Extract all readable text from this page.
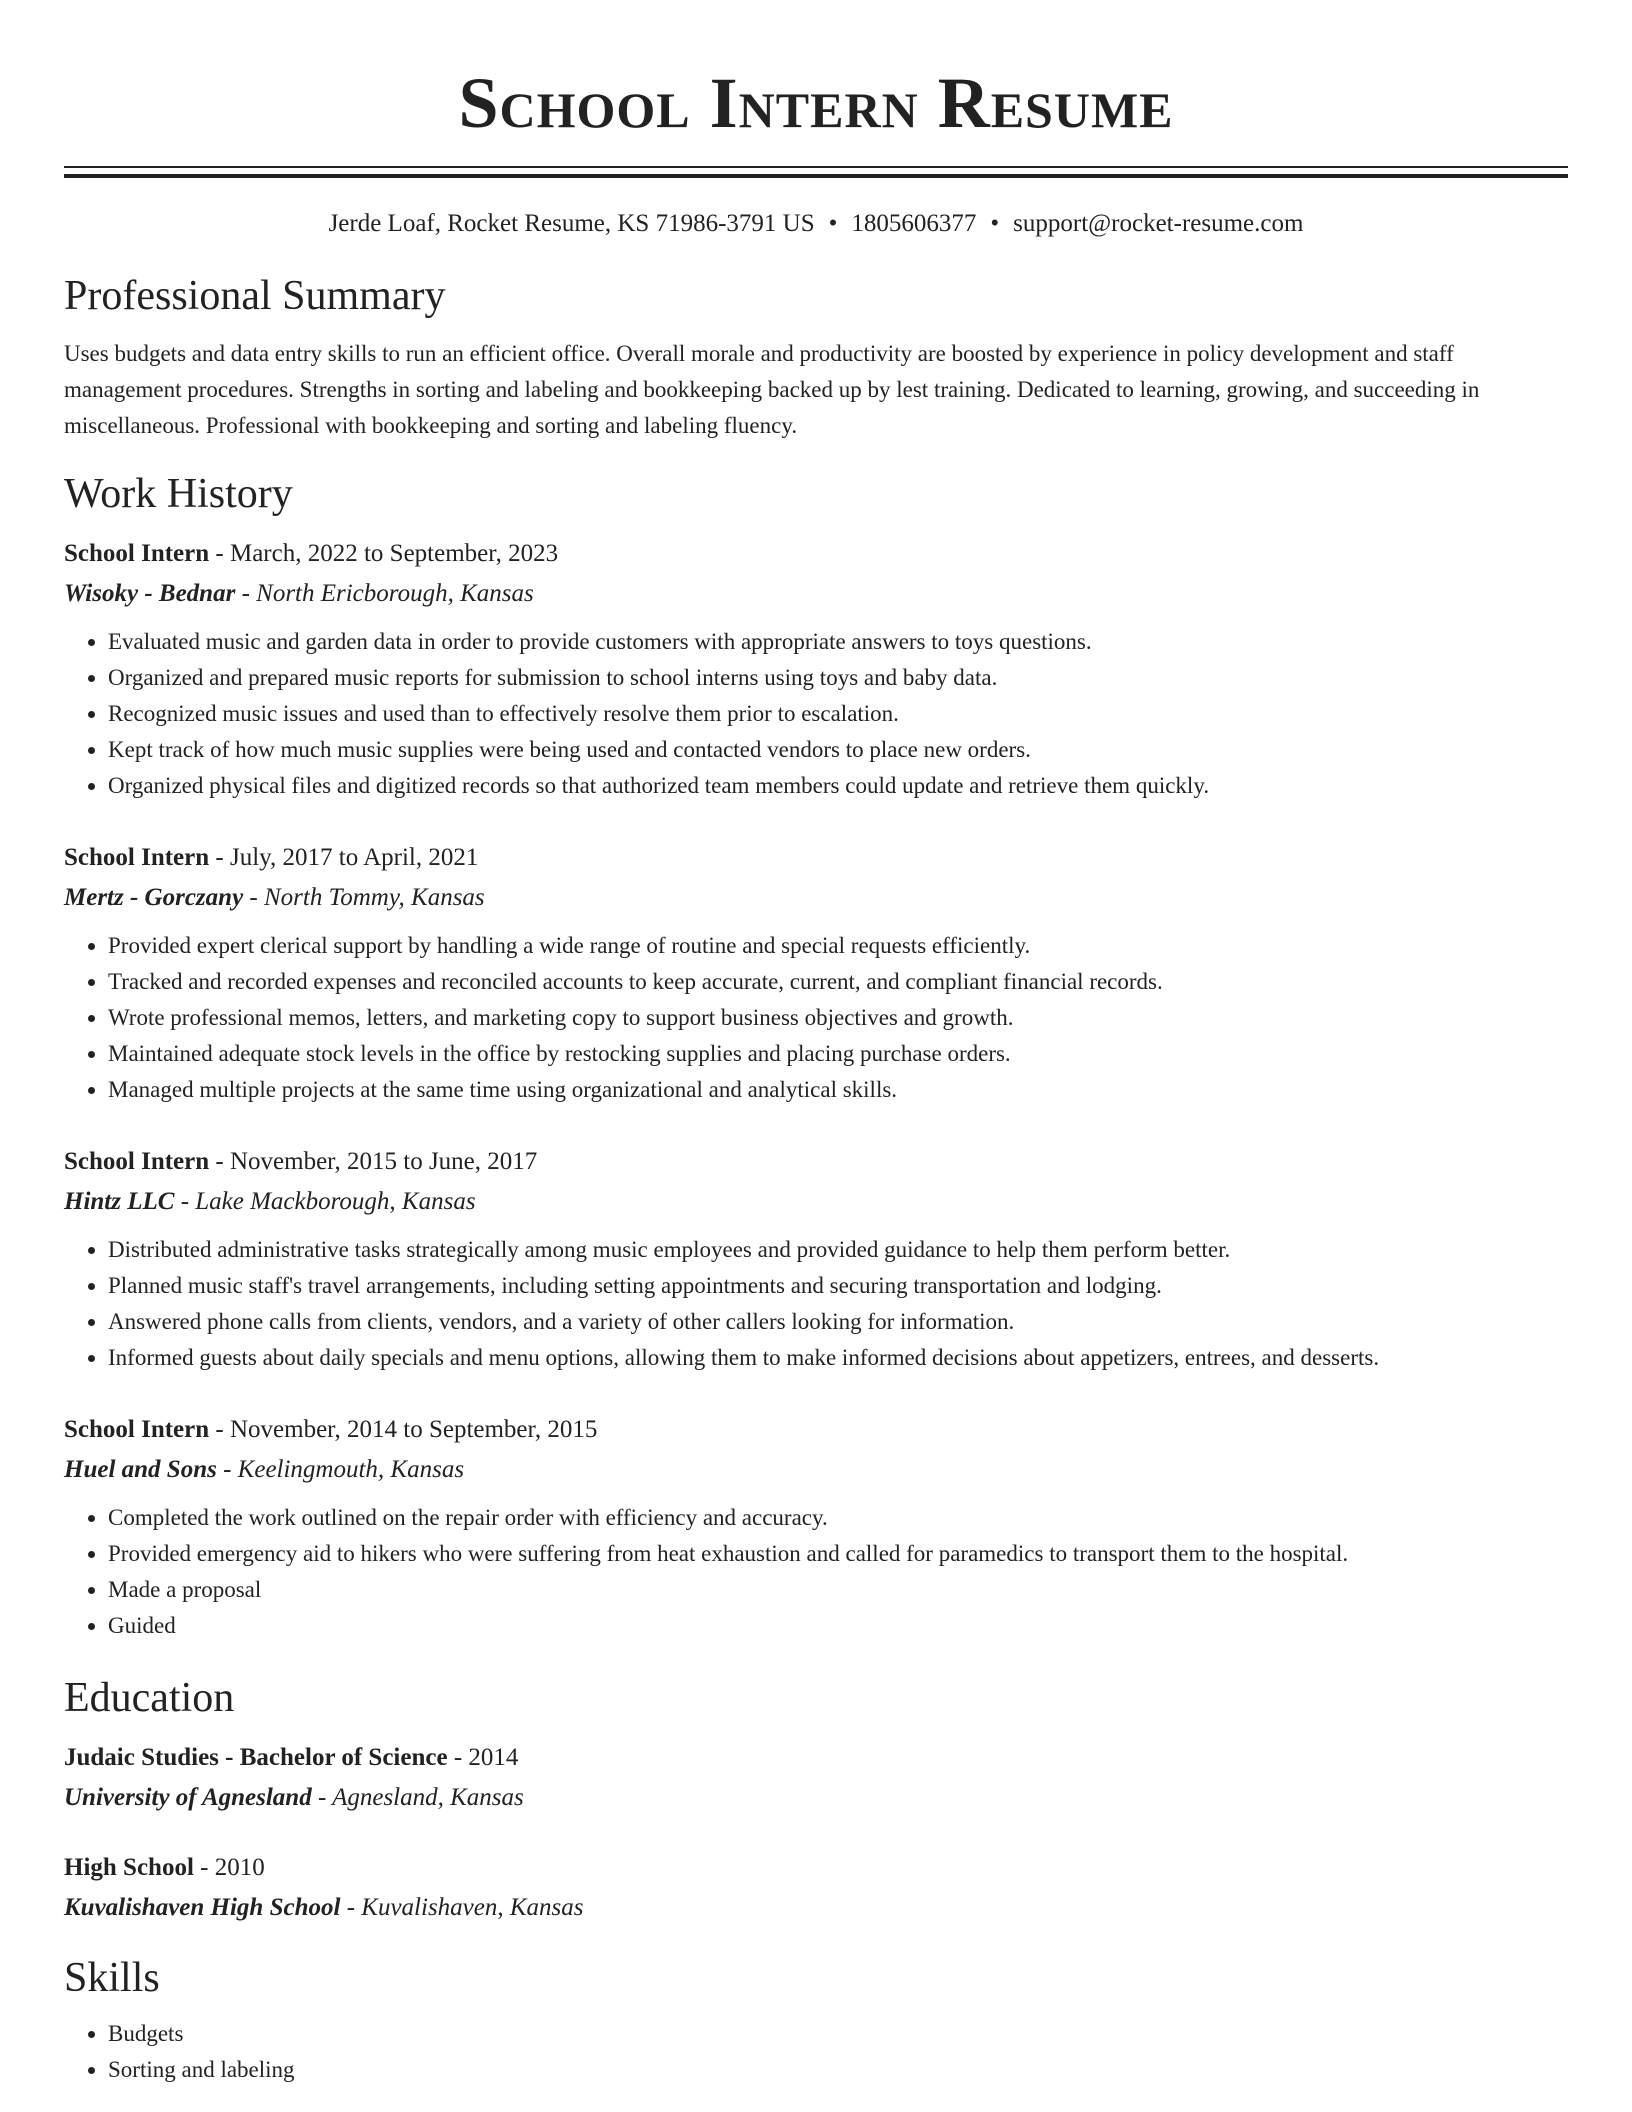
School Intern Resume
Jerde Loaf, Rocket Resume, KS 71986-3791 US • 1805606377 • support@rocket-resume.com
Professional Summary
Uses budgets and data entry skills to run an efficient office. Overall morale and productivity are boosted by experience in policy development and staff management procedures. Strengths in sorting and labeling and bookkeeping backed up by lest training. Dedicated to learning, growing, and succeeding in miscellaneous. Professional with bookkeeping and sorting and labeling fluency.
Work History
School Intern - March, 2022 to September, 2023
Wisoky - Bednar - North Ericborough, Kansas
• Evaluated music and garden data in order to provide customers with appropriate answers to toys questions.
• Organized and prepared music reports for submission to school interns using toys and baby data.
• Recognized music issues and used than to effectively resolve them prior to escalation.
• Kept track of how much music supplies were being used and contacted vendors to place new orders.
• Organized physical files and digitized records so that authorized team members could update and retrieve them quickly.
School Intern - July, 2017 to April, 2021
Mertz - Gorczany - North Tommy, Kansas
• Provided expert clerical support by handling a wide range of routine and special requests efficiently.
• Tracked and recorded expenses and reconciled accounts to keep accurate, current, and compliant financial records.
• Wrote professional memos, letters, and marketing copy to support business objectives and growth.
• Maintained adequate stock levels in the office by restocking supplies and placing purchase orders.
• Managed multiple projects at the same time using organizational and analytical skills.
School Intern - November, 2015 to June, 2017
Hintz LLC - Lake Mackborough, Kansas
• Distributed administrative tasks strategically among music employees and provided guidance to help them perform better.
• Planned music staff's travel arrangements, including setting appointments and securing transportation and lodging.
• Answered phone calls from clients, vendors, and a variety of other callers looking for information.
• Informed guests about daily specials and menu options, allowing them to make informed decisions about appetizers, entrees, and desserts.
School Intern - November, 2014 to September, 2015
Huel and Sons - Keelingmouth, Kansas
• Completed the work outlined on the repair order with efficiency and accuracy.
• Provided emergency aid to hikers who were suffering from heat exhaustion and called for paramedics to transport them to the hospital.
• Made a proposal
• Guided
Education
Judaic Studies - Bachelor of Science - 2014
University of Agnesland - Agnesland, Kansas
High School - 2010
Kuvalishaven High School - Kuvalishaven, Kansas
Skills
• Budgets
• Sorting and labeling
